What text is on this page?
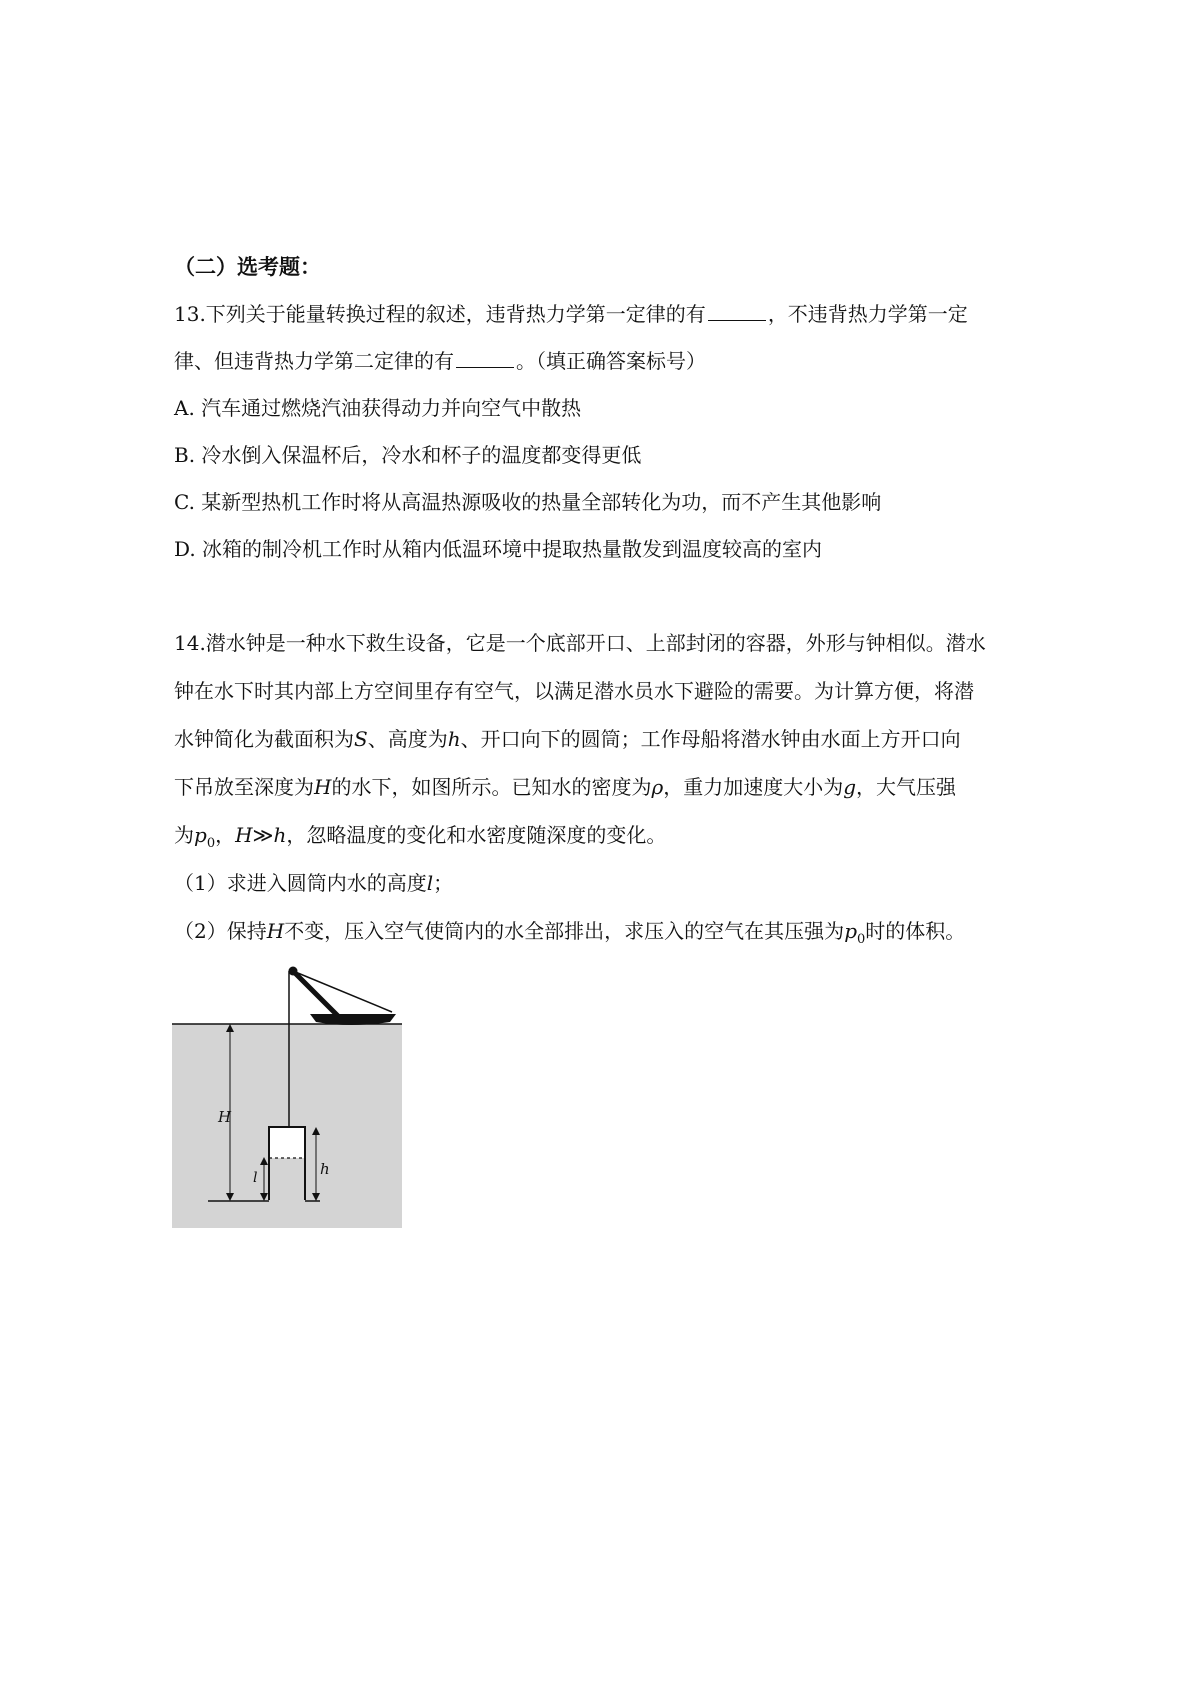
（二）选考题：
13.下列关于能量转换过程的叙述，违背热力学第一定律的有	，不违背热力学第一定
律、但违背热力学第二定律的有	。（填正确答案标号）
A. 汽车通过燃烧汽油获得动力并向空气中散热
B. 冷水倒入保温杯后，冷水和杯子的温度都变得更低
C. 某新型热机工作时将从高温热源吸收的热量全部转化为功，而不产生其他影响
D. 冰箱的制冷机工作时从箱内低温环境中提取热量散发到温度较高的室内
14.潜水钟是一种水下救生设备，它是一个底部开口、上部封闭的容器，外形与钟相似。潜水
钟在水下时其内部上方空间里存有空气，以满足潜水员水下避险的需要。为计算方便，将潜
水钟简化为截面积为S、高度为h、开口向下的圆筒；工作母船将潜水钟由水面上方开口向
下吊放至深度为H的水下，如图所示。已知水的密度为ρ，重力加速度大小为g，大气压强
为$p_0$，H≫h，忽略温度的变化和水密度随深度的变化。
（1）求进入圆筒内水的高度l；
（2）保持H不变，压入空气使筒内的水全部排出，求压入的空气在其压强为$p_0$时的体积。
H
h
l
